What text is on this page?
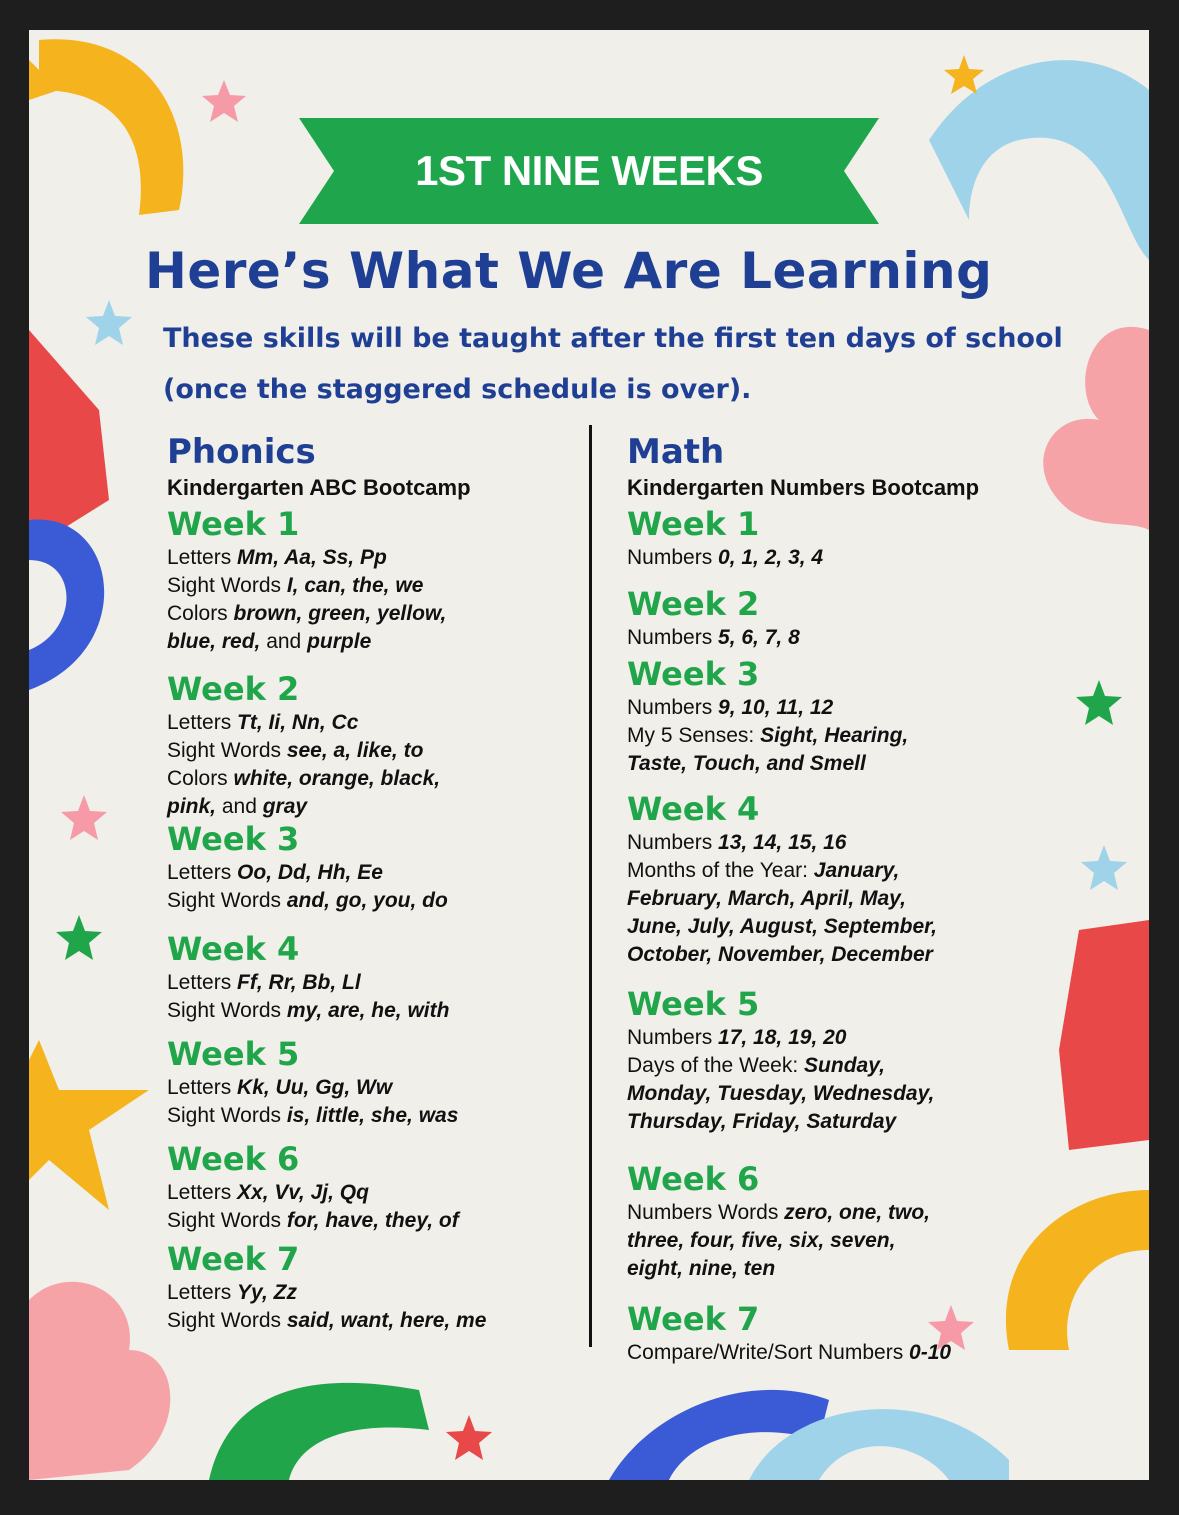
1ST NINE WEEKS
Here’s What We Are Learning
These skills will be taught after the first ten days of school (once the staggered schedule is over).
Phonics
Kindergarten ABC Bootcamp
Week 1
Letters Mm, Aa, Ss, Pp
Sight Words I, can, the, we
Colors brown, green, yellow,
blue, red, and purple
Week 2
Letters Tt, Ii, Nn, Cc
Sight Words see, a, like, to
Colors white, orange, black,
pink, and gray
Week 3
Letters Oo, Dd, Hh, Ee
Sight Words and, go, you, do
Week 4
Letters Ff, Rr, Bb, Ll
Sight Words my, are, he, with
Week 5
Letters Kk, Uu, Gg, Ww
Sight Words is, little, she, was
Week 6
Letters Xx, Vv, Jj, Qq
Sight Words for, have, they, of
Week 7
Letters Yy, Zz
Sight Words said, want, here, me
Math
Kindergarten Numbers Bootcamp
Week 1
Numbers 0, 1, 2, 3, 4
Week 2
Numbers 5, 6, 7, 8
Week 3
Numbers 9, 10, 11, 12
My 5 Senses: Sight, Hearing,
Taste, Touch, and Smell
Week 4
Numbers 13, 14, 15, 16
Months of the Year: January,
February, March, April, May,
June, July, August, September,
October, November, December
Week 5
Numbers 17, 18, 19, 20
Days of the Week: Sunday,
Monday, Tuesday, Wednesday,
Thursday, Friday, Saturday
Week 6
Numbers Words zero, one, two,
three, four, five, six, seven,
eight, nine, ten
Week 7
Compare/Write/Sort Numbers 0-10
